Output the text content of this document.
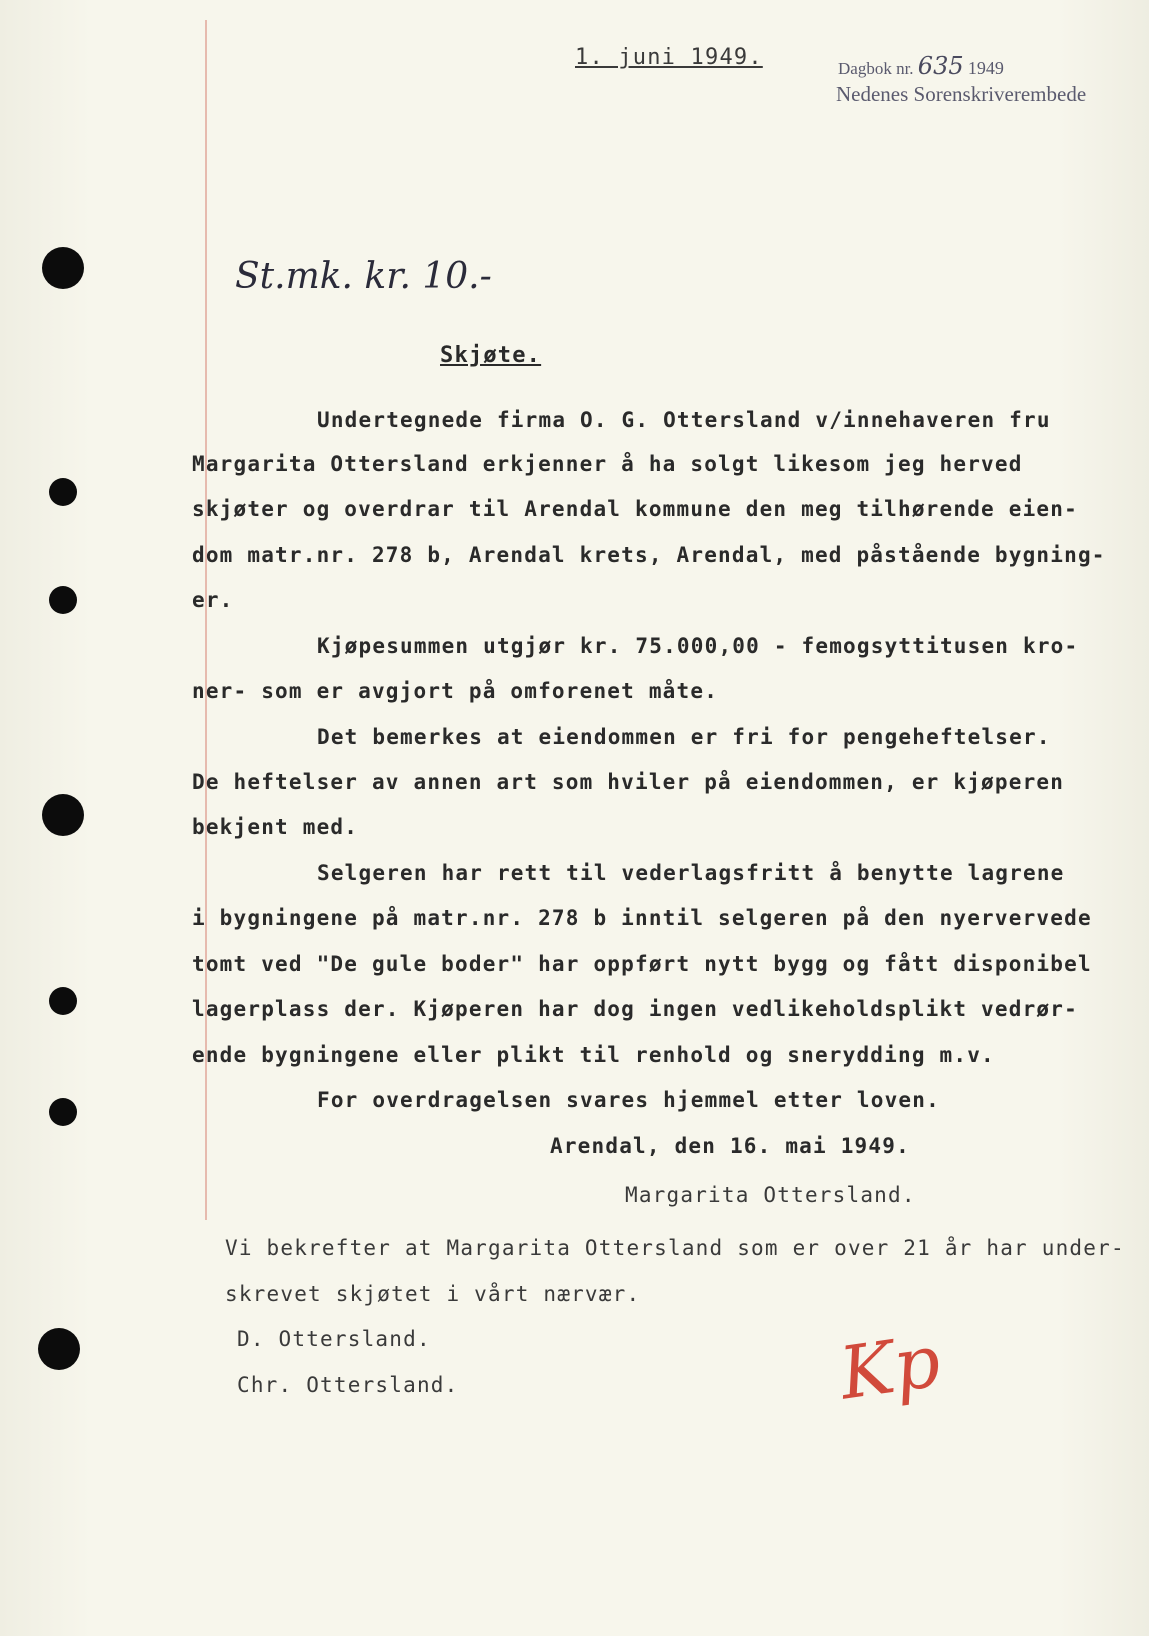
1. juni 1949.	Dagbok nr. 635 1949
Nedenes Sorenskriverembede
St.mk. kr. 10.-
Skjøte.
Undertegnede firma O. G. Ottersland v/innehaveren fru
Margarita Ottersland erkjenner å ha solgt likesom jeg herved
skjøter og overdrar til Arendal kommune den meg tilhørende eien-
dom matr.nr. 278 b, Arendal krets, Arendal, med påstående bygning-
er.
Kjøpesummen utgjør kr. 75.000,00 - femogsyttitusen kro-
ner- som er avgjort på omforenet måte.
Det bemerkes at eiendommen er fri for pengeheftelser.
De heftelser av annen art som hviler på eiendommen, er kjøperen
bekjent med.
Selgeren har rett til vederlagsfritt å benytte lagrene
i bygningene på matr.nr. 278 b inntil selgeren på den nyervervede
tomt ved "De gule boder" har oppført nytt bygg og fått disponibel
lagerplass der. Kjøperen har dog ingen vedlikeholdsplikt vedrør-
ende bygningene eller plikt til renhold og snerydding m.v.
For overdragelsen svares hjemmel etter loven.
Arendal, den 16. mai 1949.
Margarita Ottersland.
Vi bekrefter at Margarita Ottersland som er over 21 år har under-
skrevet skjøtet i vårt nærvær.
D. Ottersland.
Chr. Ottersland.	Kp
